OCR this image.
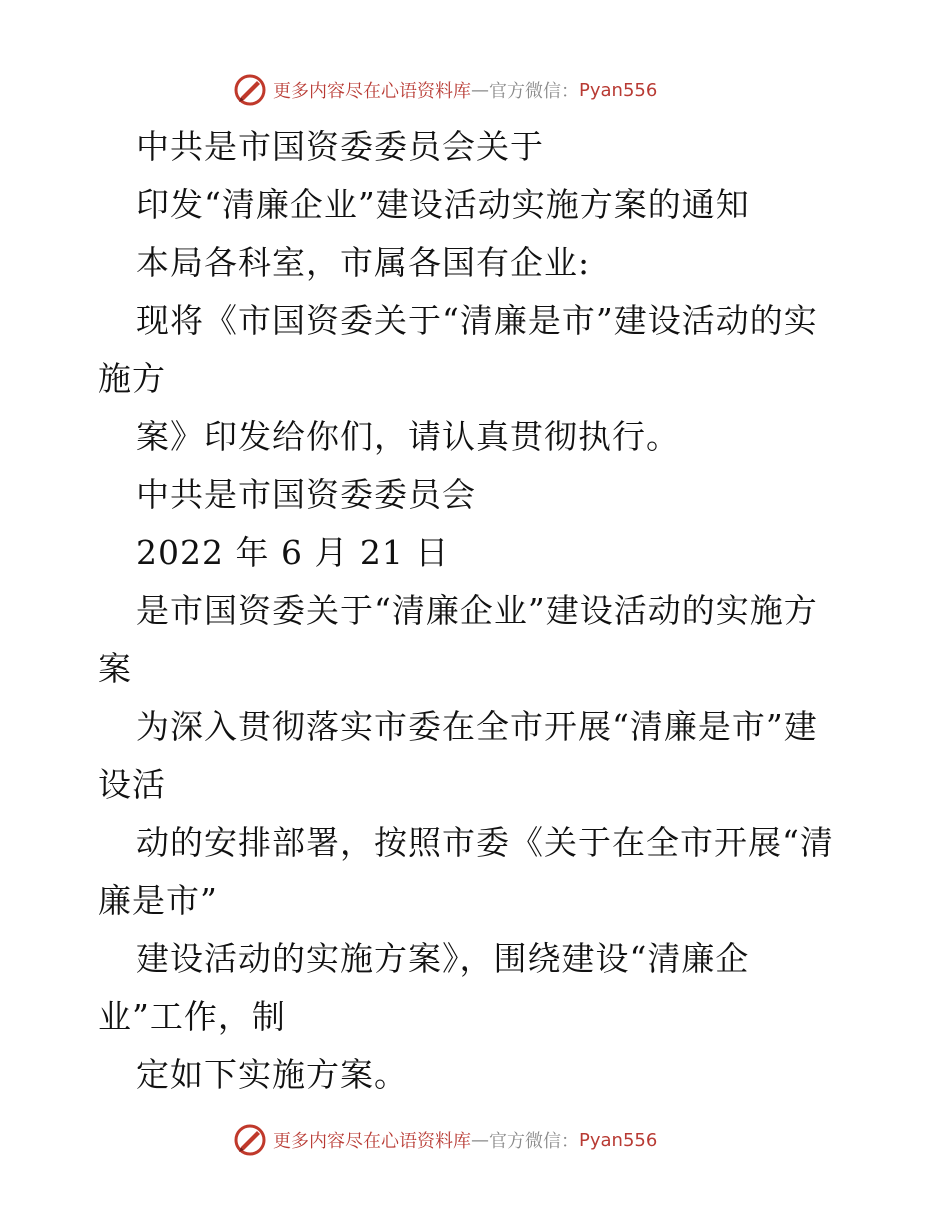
更多内容尽在心语资料库 — 官方微信： Pyan556

中共是市国资委委员会关于

印发“清廉企业”建设活动实施方案的通知

本局各科室，市属各国有企业:

现将《市国资委关于“清廉是市”建设活动的实

施方

案》印发给你们，请认真贯彻执行。

中共是市国资委委员会

2022 年 6 月 21 日

是市国资委关于“清廉企业”建设活动的实施方

案

为深入贯彻落实市委在全市开展“清廉是市”建

设活

动的安排部署，按照市委《关于在全市开展“清

廉是市”

建设活动的实施方案》，围绕建设“清廉企

业”工作，制

定如下实施方案。

更多内容尽在心语资料库 — 官方微信： Pyan556
